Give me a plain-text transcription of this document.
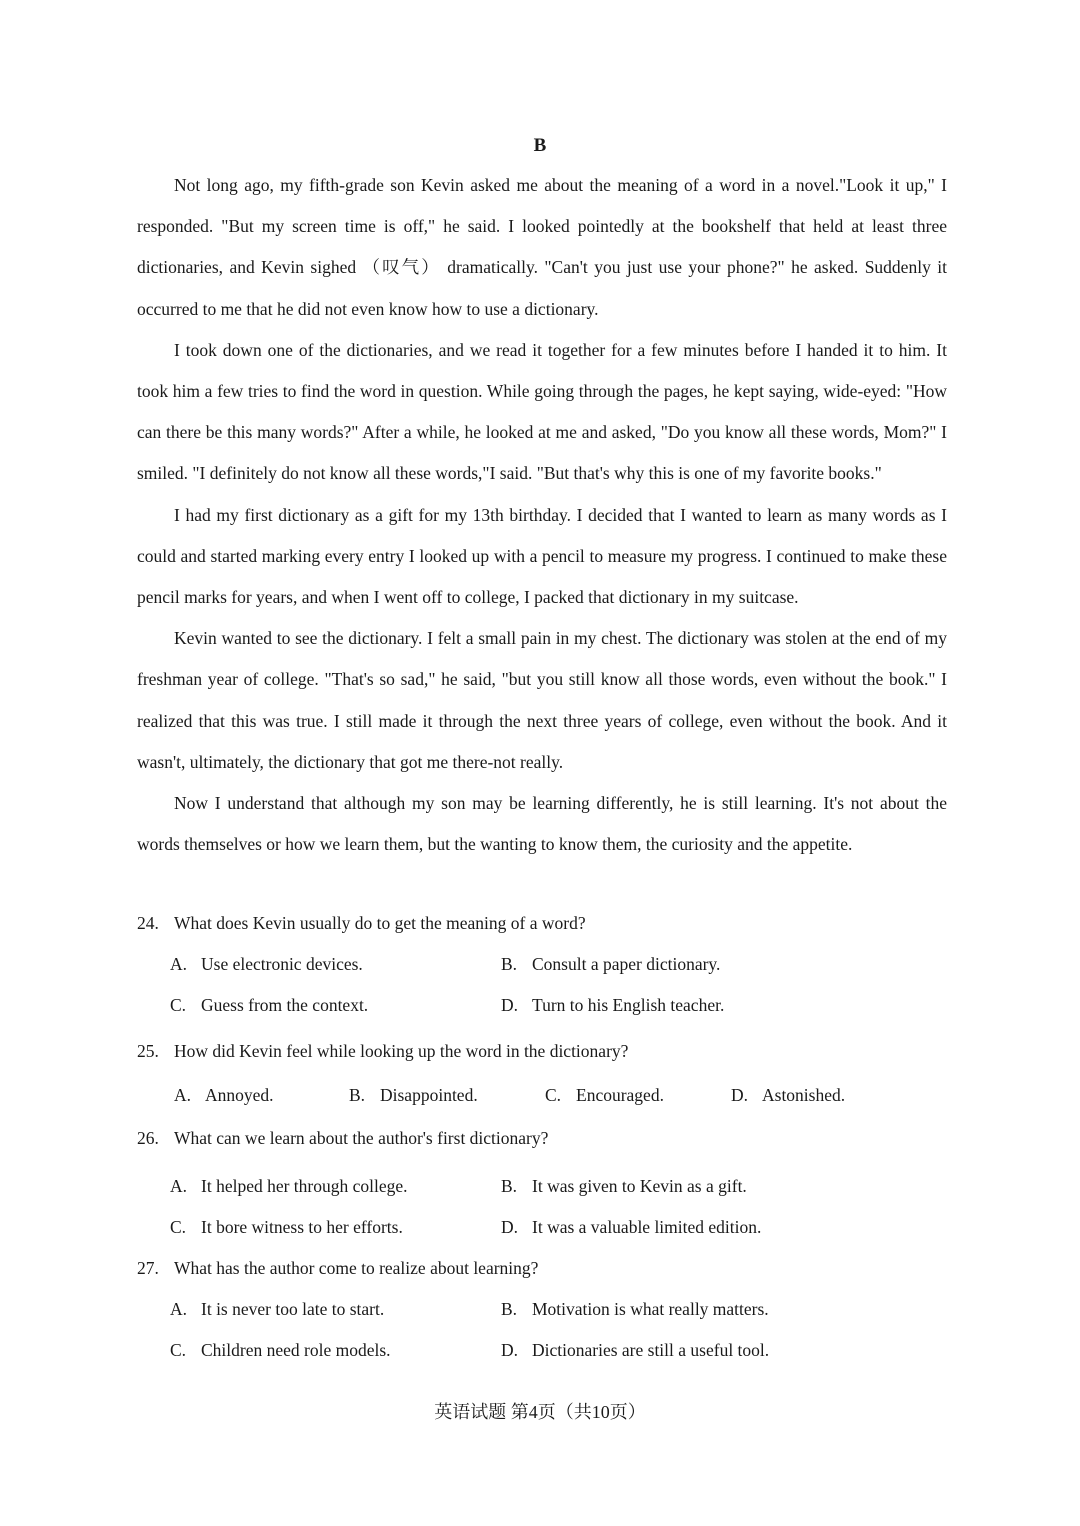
B

Not long ago, my fifth-grade son Kevin asked me about the meaning of a word in a novel."Look it up," I responded. "But my screen time is off," he said. I looked pointedly at the bookshelf that held at least three dictionaries, and Kevin sighed （叹气） dramatically. "Can't you just use your phone?" he asked. Suddenly it occurred to me that he did not even know how to use a dictionary.

I took down one of the dictionaries, and we read it together for a few minutes before I handed it to him. It took him a few tries to find the word in question. While going through the pages, he kept saying, wide-eyed: "How can there be this many words?" After a while, he looked at me and asked, "Do you know all these words, Mom?" I smiled. "I definitely do not know all these words,"I said. "But that's why this is one of my favorite books."

I had my first dictionary as a gift for my 13th birthday. I decided that I wanted to learn as many words as I could and started marking every entry I looked up with a pencil to measure my progress. I continued to make these pencil marks for years, and when I went off to college, I packed that dictionary in my suitcase.

Kevin wanted to see the dictionary. I felt a small pain in my chest. The dictionary was stolen at the end of my freshman year of college. "That's so sad," he said, "but you still know all those words, even without the book." I realized that this was true. I still made it through the next three years of college, even without the book. And it wasn't, ultimately, the dictionary that got me there-not really.

Now I understand that although my son may be learning differently, he is still learning. It's not about the words themselves or how we learn them, but the wanting to know them, the curiosity and the appetite.

24. What does Kevin usually do to get the meaning of a word?
A. Use electronic devices.	B. Consult a paper dictionary.
C. Guess from the context.	D. Turn to his English teacher.
25. How did Kevin feel while looking up the word in the dictionary?
A. Annoyed.	B. Disappointed.	C. Encouraged.	D. Astonished.
26. What can we learn about the author's first dictionary?
A. It helped her through college.	B. It was given to Kevin as a gift.
C. It bore witness to her efforts.	D. It was a valuable limited edition.
27. What has the author come to realize about learning?
A. It is never too late to start.	B. Motivation is what really matters.
C. Children need role models.	D. Dictionaries are still a useful tool.
英语试题 第4页（共10页）
